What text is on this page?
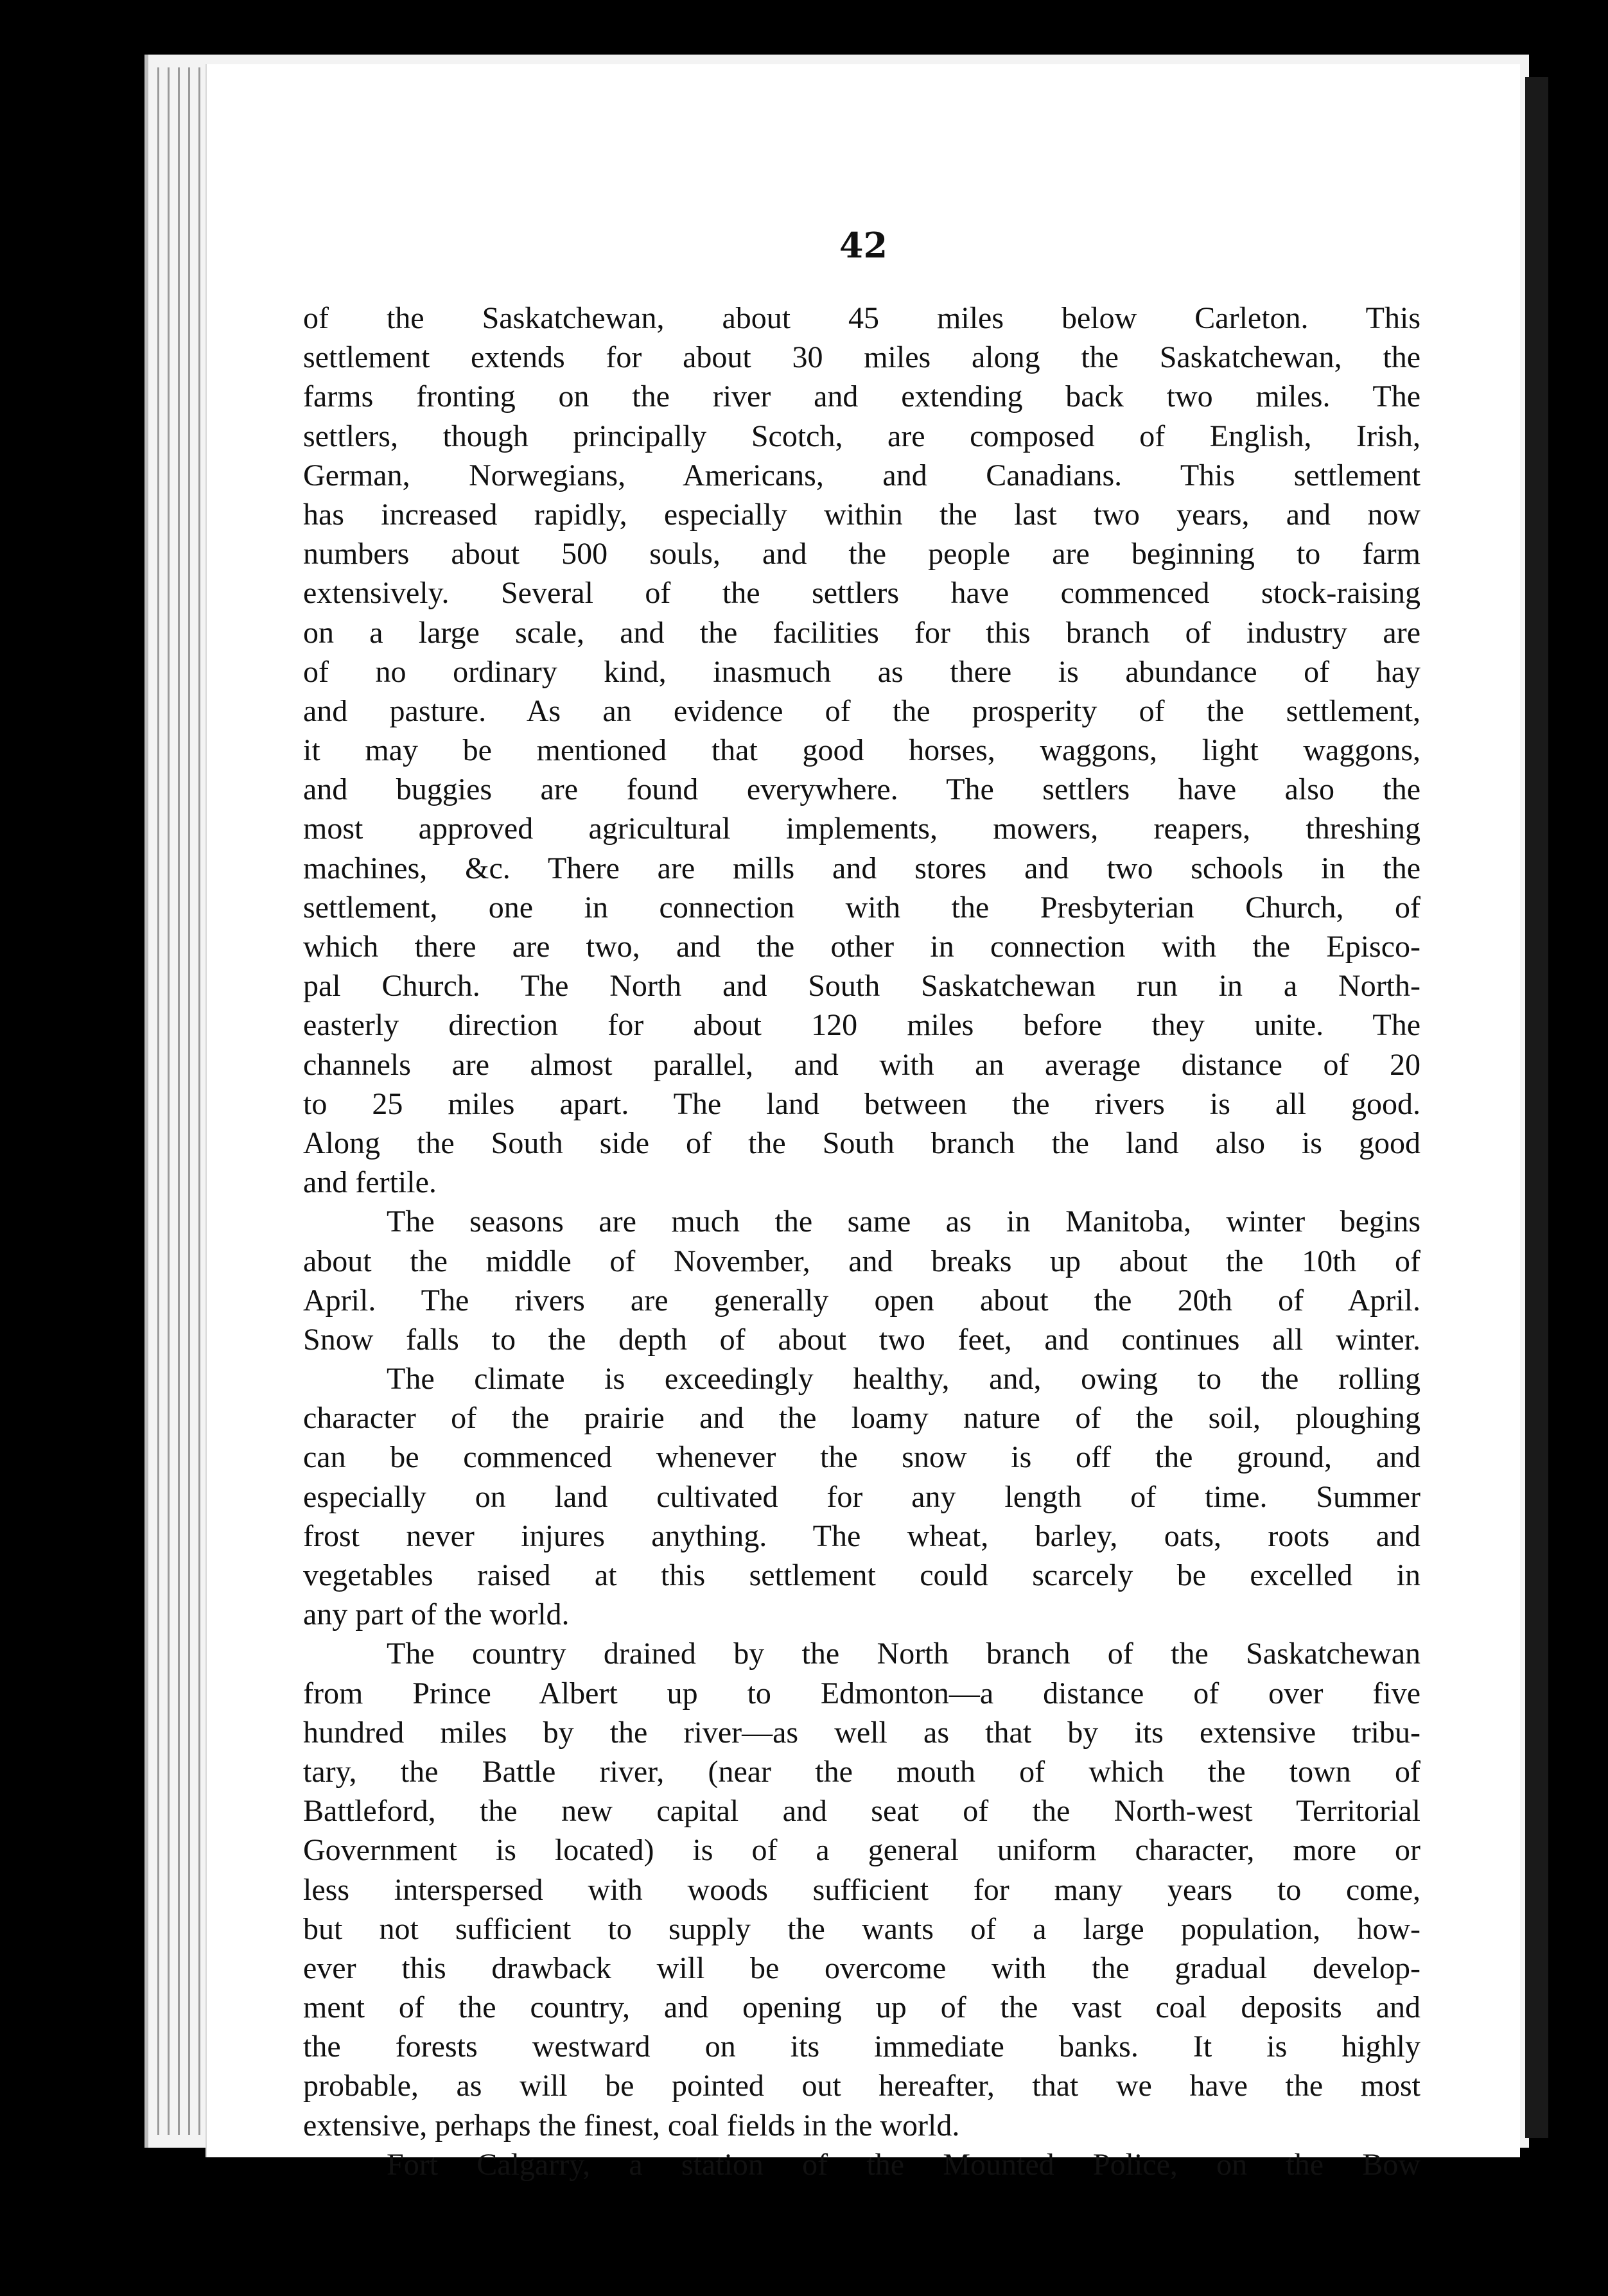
42
of the Saskatchewan, about 45 miles below Carleton. This
settlement extends for about 30 miles along the Saskatchewan, the
farms fronting on the river and extending back two miles. The
settlers, though principally Scotch, are composed of English, Irish,
German, Norwegians, Americans, and Canadians. This settlement
has increased rapidly, especially within the last two years, and now
numbers about 500 souls, and the people are beginning to farm
extensively. Several of the settlers have commenced stock-raising
on a large scale, and the facilities for this branch of industry are
of no ordinary kind, inasmuch as there is abundance of hay
and pasture. As an evidence of the prosperity of the settlement,
it may be mentioned that good horses, waggons, light waggons,
and buggies are found everywhere. The settlers have also the
most approved agricultural implements, mowers, reapers, threshing
machines, &c. There are mills and stores and two schools in the
settlement, one in connection with the Presbyterian Church, of
which there are two, and the other in connection with the Episco-
pal Church. The North and South Saskatchewan run in a North-
easterly direction for about 120 miles before they unite. The
channels are almost parallel, and with an average distance of 20
to 25 miles apart. The land between the rivers is all good.
Along the South side of the South branch the land also is good
and fertile.
The seasons are much the same as in Manitoba, winter begins
about the middle of November, and breaks up about the 10th of
April. The rivers are generally open about the 20th of April.
Snow falls to the depth of about two feet, and continues all winter.
The climate is exceedingly healthy, and, owing to the rolling
character of the prairie and the loamy nature of the soil, ploughing
can be commenced whenever the snow is off the ground, and
especially on land cultivated for any length of time. Summer
frost never injures anything. The wheat, barley, oats, roots and
vegetables raised at this settlement could scarcely be excelled in
any part of the world.
The country drained by the North branch of the Saskatchewan
from Prince Albert up to Edmonton—a distance of over five
hundred miles by the river—as well as that by its extensive tribu-
tary, the Battle river, (near the mouth of which the town of
Battleford, the new capital and seat of the North-west Territorial
Government is located) is of a general uniform character, more or
less interspersed with woods sufficient for many years to come,
but not sufficient to supply the wants of a large population, how-
ever this drawback will be overcome with the gradual develop-
ment of the country, and opening up of the vast coal deposits and
the forests westward on its immediate banks. It is highly
probable, as will be pointed out hereafter, that we have the most
extensive, perhaps the finest, coal fields in the world.
Fort Calgarry, a station of the Mounted Police, on the Bow
